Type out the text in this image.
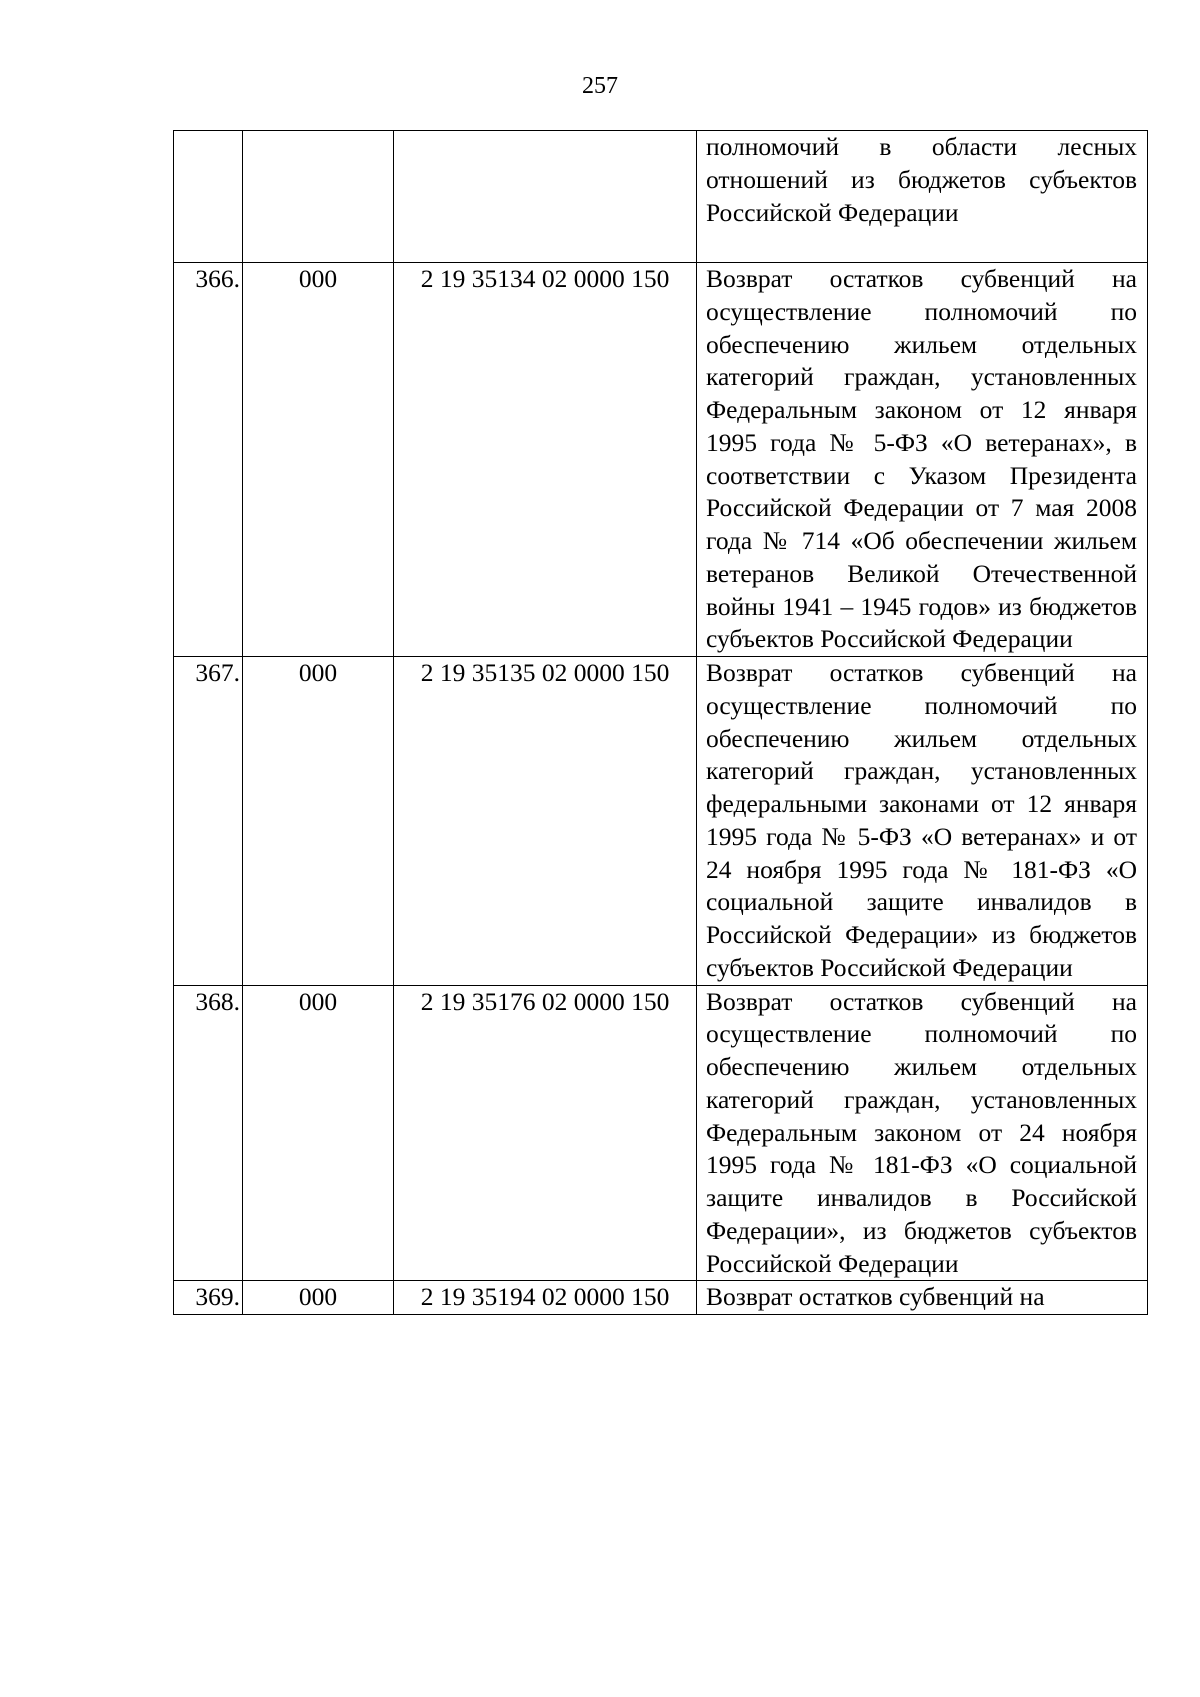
257

			полномочий в области лесных отношений из бюджетов субъектов Российской Федерации

366.	000	2 19 35134 02 0000 150	Возврат остатков субвенций на осуществление полномочий по обеспечению жильем отдельных категорий граждан, установленных Федеральным законом от 12 января 1995 года № 5-ФЗ «О ветеранах», в соответствии с Указом Президента Российской Федерации от 7 мая 2008 года № 714 «Об обеспечении жильем ветеранов Великой Отечественной войны 1941 – 1945 годов» из бюджетов субъектов Российской Федерации

367.	000	2 19 35135 02 0000 150	Возврат остатков субвенций на осуществление полномочий по обеспечению жильем отдельных категорий граждан, установленных федеральными законами от 12 января 1995 года № 5-ФЗ «О ветеранах» и от 24 ноября 1995 года № 181-ФЗ «О социальной защите инвалидов в Российской Федерации» из бюджетов субъектов Российской Федерации

368.	000	2 19 35176 02 0000 150	Возврат остатков субвенций на осуществление полномочий по обеспечению жильем отдельных категорий граждан, установленных Федеральным законом от 24 ноября 1995 года № 181-ФЗ «О социальной защите инвалидов в Российской Федерации», из бюджетов субъектов Российской Федерации

369.	000	2 19 35194 02 0000 150	Возврат остатков субвенций на
